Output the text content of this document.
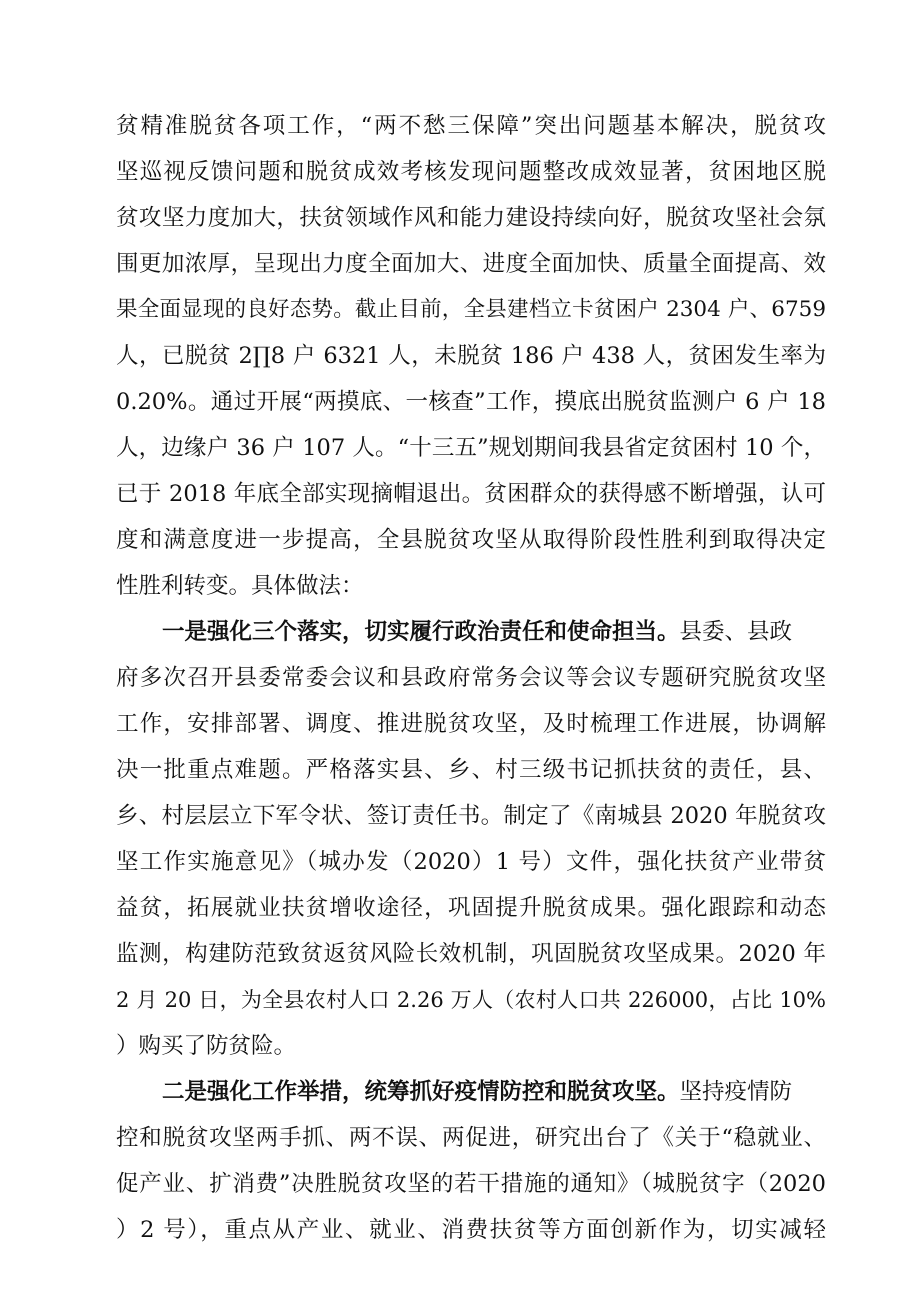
贫精准脱贫各项工作，“两不愁三保障”突出问题基本解决，脱贫攻
坚巡视反馈问题和脱贫成效考核发现问题整改成效显著，贫困地区脱
贫攻坚力度加大，扶贫领域作风和能力建设持续向好，脱贫攻坚社会氛
围更加浓厚，呈现出力度全面加大、进度全面加快、质量全面提高、效
果全面显现的良好态势。截止目前，全县建档立卡贫困户 2304 户、6759
人，已脱贫 2∏8 户 6321 人，未脱贫 186 户 438 人，贫困发生率为
0.20%。通过开展“两摸底、一核查”工作，摸底出脱贫监测户 6 户 18
人，边缘户 36 户 107 人。“十三五”规划期间我县省定贫困村 10 个，
已于 2018 年底全部实现摘帽退出。贫困群众的获得感不断增强，认可
度和满意度进一步提高，全县脱贫攻坚从取得阶段性胜利到取得决定
性胜利转变。具体做法：
一是强化三个落实，切实履行政治责任和使命担当。县委、县政
府多次召开县委常委会议和县政府常务会议等会议专题研究脱贫攻坚
工作，安排部署、调度、推进脱贫攻坚，及时梳理工作进展，协调解
决一批重点难题。严格落实县、乡、村三级书记抓扶贫的责任，县、
乡、村层层立下军令状、签订责任书。制定了《南城县 2020 年脱贫攻
坚工作实施意见》（城办发（2020）1 号）文件，强化扶贫产业带贫
益贫，拓展就业扶贫增收途径，巩固提升脱贫成果。强化跟踪和动态
监测，构建防范致贫返贫风险长效机制，巩固脱贫攻坚成果。2020 年
2 月 20 日，为全县农村人口 2.26 万人（农村人口共 226000，占比 10%
）购买了防贫险。
二是强化工作举措，统筹抓好疫情防控和脱贫攻坚。坚持疫情防
控和脱贫攻坚两手抓、两不误、两促进，研究出台了《关于“稳就业、
促产业、扩消费”决胜脱贫攻坚的若干措施的通知》（城脱贫字（2020
）2 号），重点从产业、就业、消费扶贫等方面创新作为，切实减轻
